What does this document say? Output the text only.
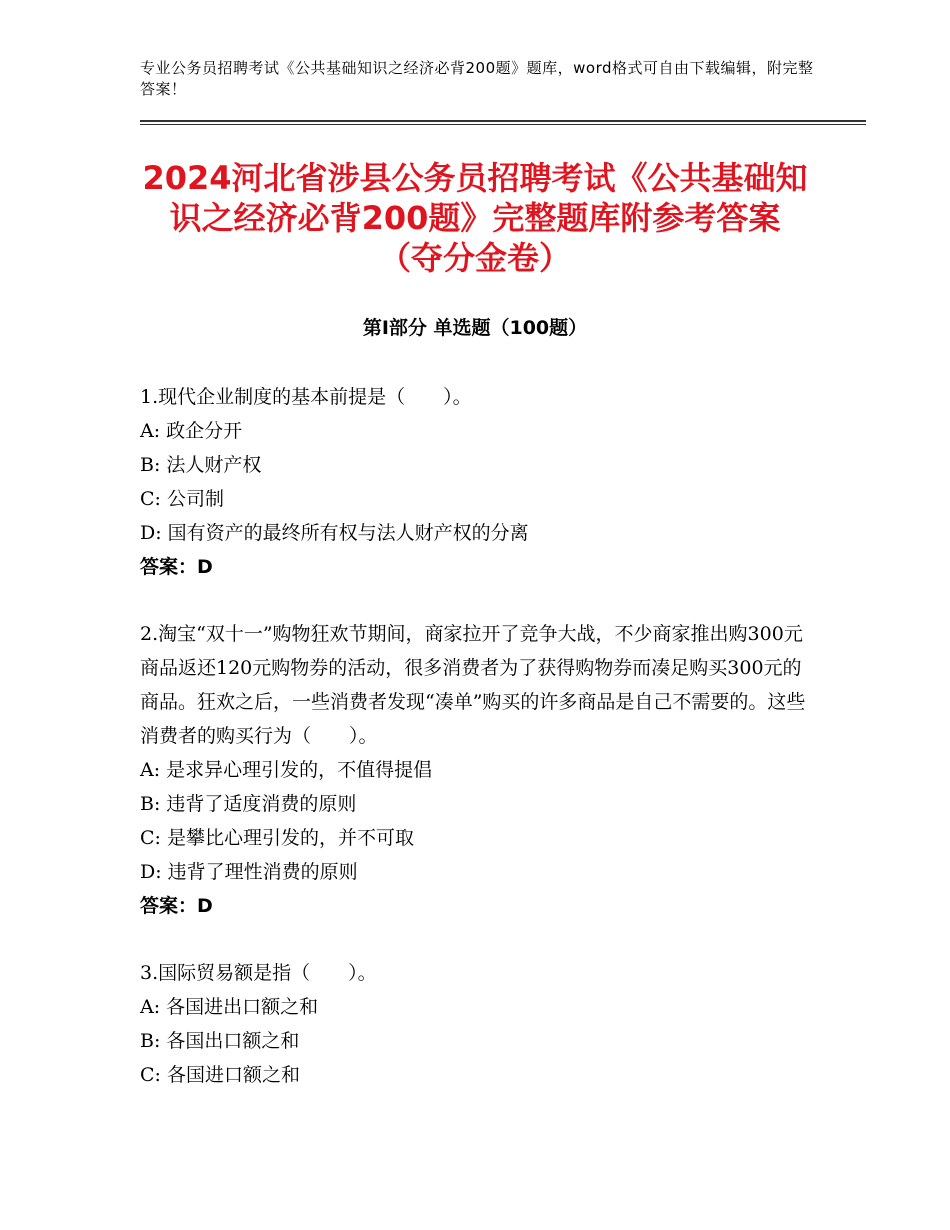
专业公务员招聘考试《公共基础知识之经济必背200题》题库，word格式可自由下载编辑，附完整答案！
2024河北省涉县公务员招聘考试《公共基础知识之经济必背200题》完整题库附参考答案（夺分金卷）
第Ⅰ部分 单选题（100题）

1.现代企业制度的基本前提是（　　）。

A: 政企分开

B: 法人财产权

C: 公司制

D: 国有资产的最终所有权与法人财产权的分离

答案：D

2.淘宝“双十一”购物狂欢节期间，商家拉开了竞争大战，不少商家推出购300元商品返还120元购物券的活动，很多消费者为了获得购物券而凑足购买300元的商品。狂欢之后，一些消费者发现“凑单”购买的许多商品是自己不需要的。这些消费者的购买行为（　　）。

A: 是求异心理引发的，不值得提倡

B: 违背了适度消费的原则

C: 是攀比心理引发的，并不可取

D: 违背了理性消费的原则

答案：D

3.国际贸易额是指（　　）。

A: 各国进出口额之和

B: 各国出口额之和

C: 各国进口额之和
